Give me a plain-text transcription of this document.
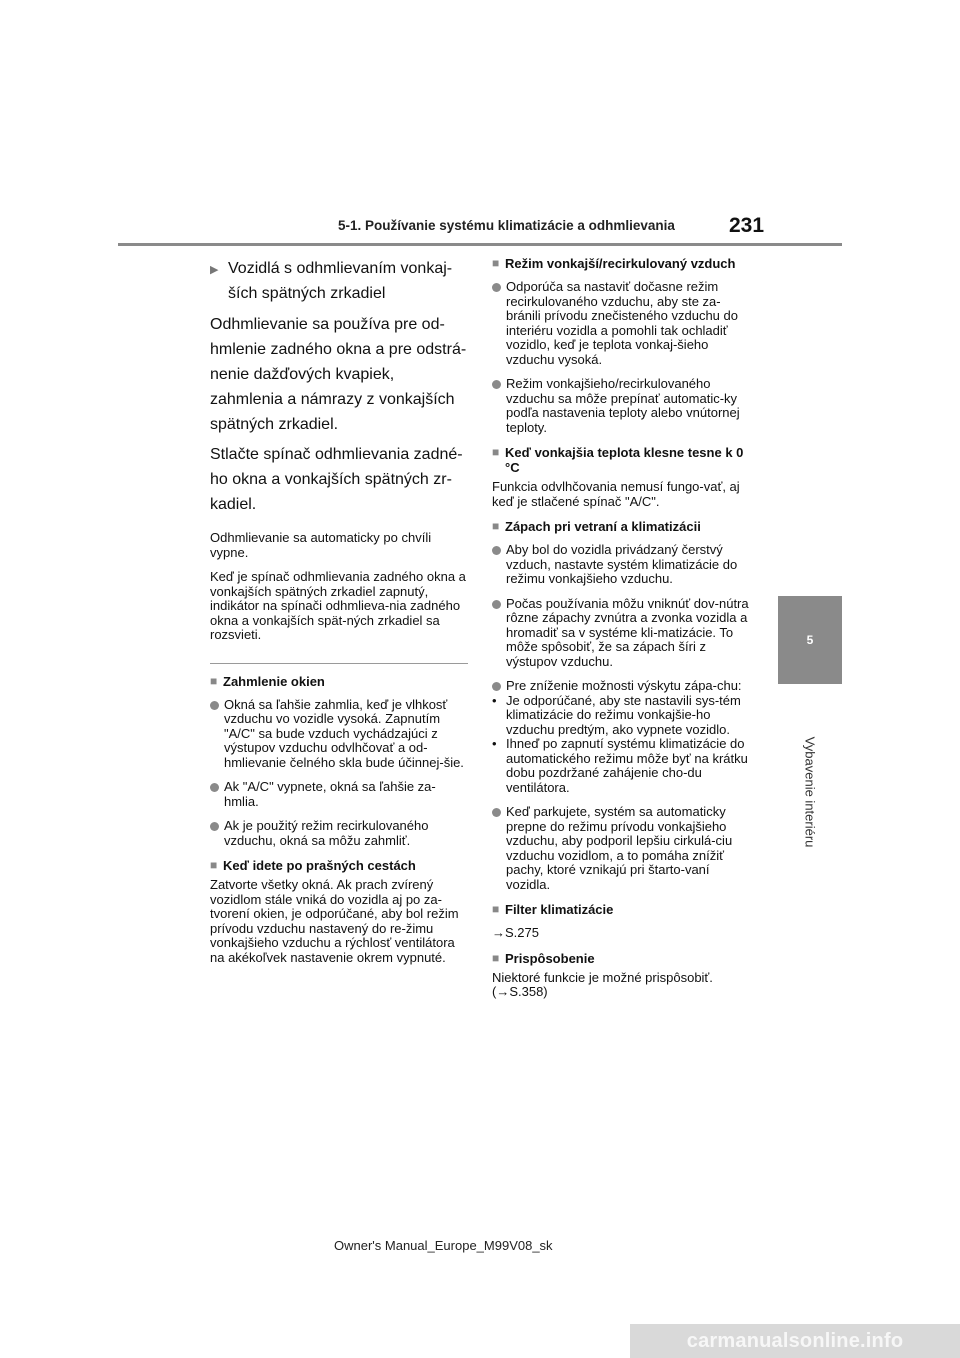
5-1. Používanie systému klimatizácie a odhmlievania	231
5
Vybavenie interiéru
▶ Vozidlá s odhmlievaním vonkaj-ších spätných zrkadiel

Odhmlievanie sa používa pre od-hmlenie zadného okna a pre odstrá-nenie dažďových kvapiek, zahmlenia a námrazy z vonkajších spätných zrkadiel.

Stlačte spínač odhmlievania zadné-ho okna a vonkajších spätných zr-kadiel.

Odhmlievanie sa automaticky po chvíli vypne.

Keď je spínač odhmlievania zadného okna a vonkajších spätných zrkadiel zapnutý, indikátor na spínači odhmlieva-nia zadného okna a vonkajších spät-ných zrkadiel sa rozsvieti.

■ Zahmlenie okien
Okná sa ľahšie zahmlia, keď je vlhkosť vzduchu vo vozidle vysoká. Zapnutím "A/C" sa bude vzduch vychádzajúci z výstupov vzduchu odvlhčovať a od-hmlievanie čelného skla bude účinnej-šie.
Ak "A/C" vypnete, okná sa ľahšie za-hmlia.
Ak je použitý režim recirkulovaného vzduchu, okná sa môžu zahmliť.
■ Keď idete po prašných cestách

Zatvorte všetky okná. Ak prach zvírený vozidlom stále vniká do vozidla aj po za-tvorení okien, je odporúčané, aby bol režim prívodu vzduchu nastavený do re-žimu vonkajšieho vzduchu a rýchlosť ventilátora na akékoľvek nastavenie okrem vypnuté.

■ Režim vonkajší/recirkulovaný vzduch
Odporúča sa nastaviť dočasne režim recirkulovaného vzduchu, aby ste za-bránili prívodu znečisteného vzduchu do interiéru vozidla a pomohli tak ochladiť vozidlo, keď je teplota vonkaj-šieho vzduchu vysoká.
Režim vonkajšieho/recirkulovaného vzduchu sa môže prepínať automatic-ky podľa nastavenia teploty alebo vnútornej teploty.
■ Keď vonkajšia teplota klesne tesne k 0 °C

Funkcia odvlhčovania nemusí fungo-vať, aj keď je stlačené spínač "A/C".

■ Zápach pri vetraní a klimatizácii
Aby bol do vozidla privádzaný čerstvý vzduch, nastavte systém klimatizácie do režimu vonkajšieho vzduchu.
Počas používania môžu vniknúť dov-nútra rôzne zápachy zvnútra a zvonka vozidla a hromadiť sa v systéme kli-matizácie. To môže spôsobiť, že sa zápach šíri z výstupov vzduchu.
Pre zníženie možnosti výskytu zápa-chu:
• Je odporúčané, aby ste nastavili sys-tém klimatizácie do režimu vonkajšie-ho vzduchu predtým, ako vypnete vozidlo.
• Ihneď po zapnutí systému klimatizácie do automatického režimu môže byť na krátku dobu pozdržané zahájenie cho-du ventilátora.
Keď parkujete, systém sa automaticky prepne do režimu prívodu vonkajšieho vzduchu, aby podporil lepšiu cirkulá-ciu vzduchu vozidlom, a to pomáha znížiť pachy, ktoré vznikajú pri štarto-vaní vozidla.
■ Filter klimatizácie

→S.275

■ Prispôsobenie

Niektoré funkcie je možné prispôsobiť. (→S.358)

Owner's Manual_Europe_M99V08_sk
carmanualsonline.info
